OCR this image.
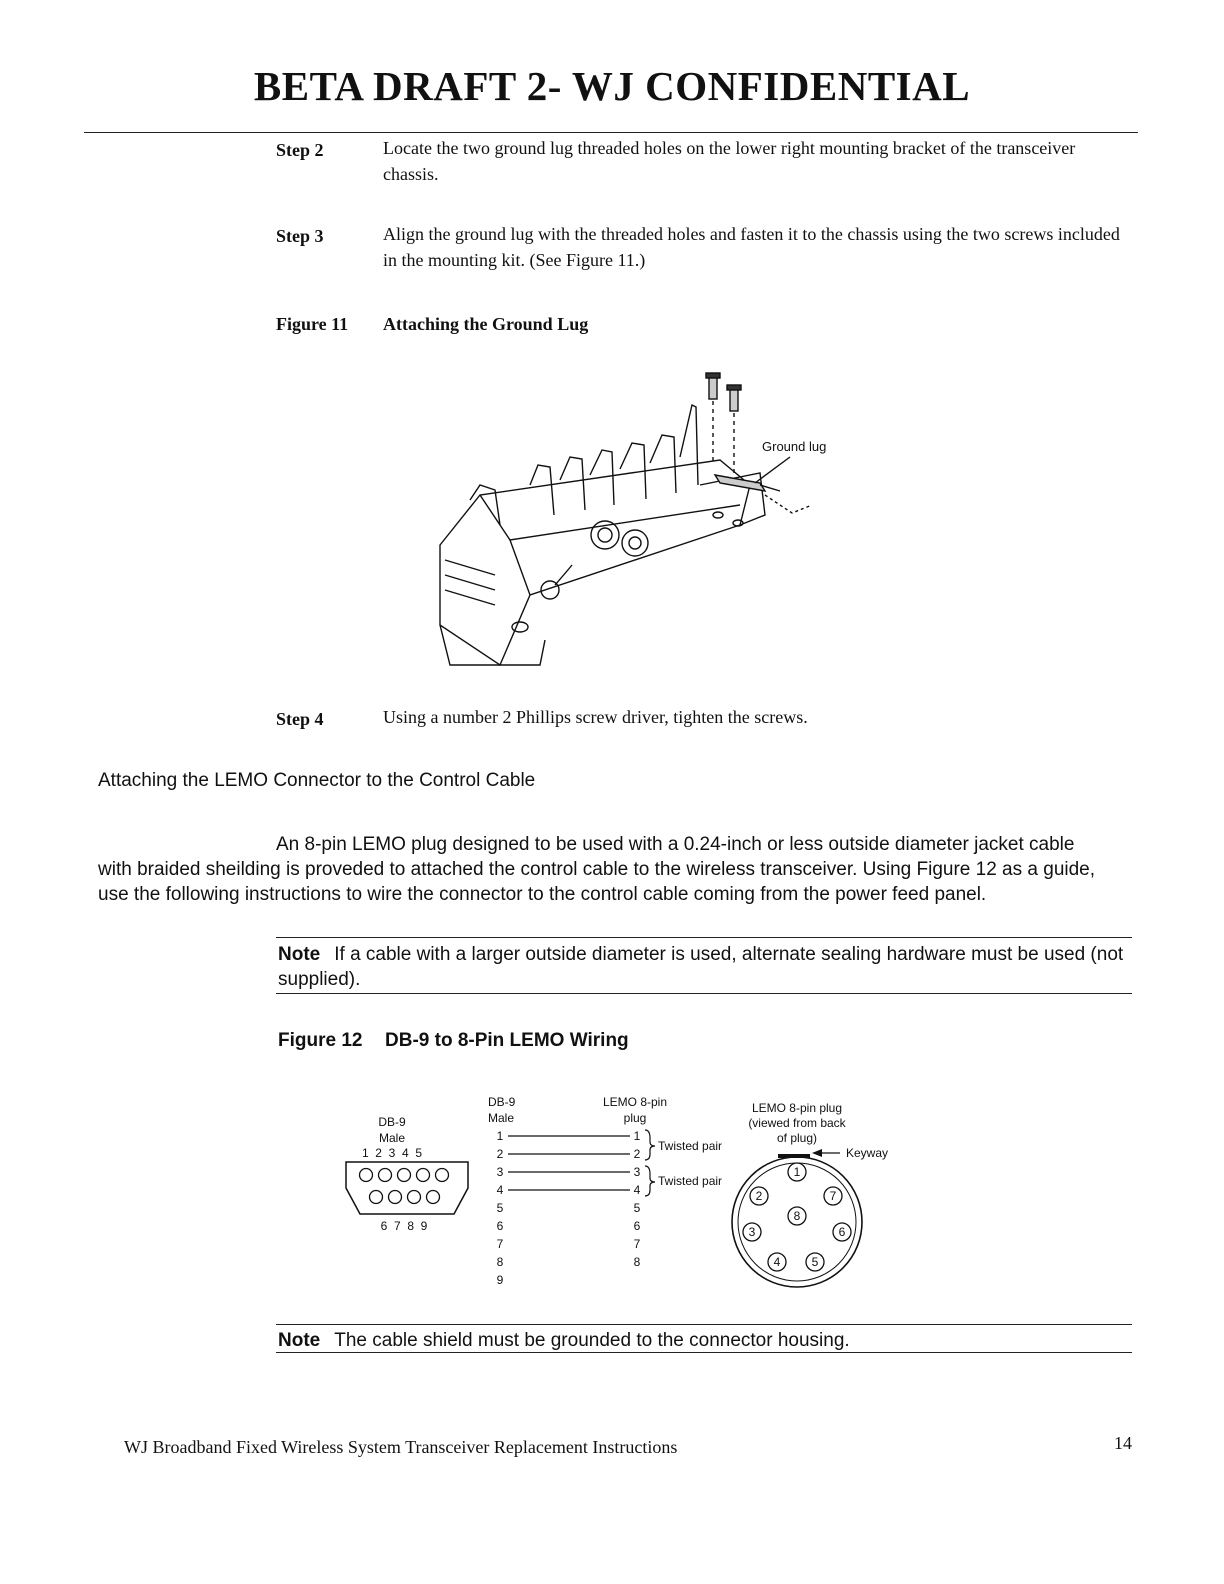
BETA DRAFT 2- WJ CONFIDENTIAL
Step 2	Locate the two ground lug threaded holes on the lower right mounting bracket of the transceiver chassis.
Step 3	Align the ground lug with the threaded holes and fasten it to the chassis using the two screws included in the mounting kit. (See Figure 11.)
Figure 11 Attaching the Ground Lug
Ground lug
Step 4	Using a number 2 Phillips screw driver, tighten the screws.
Attaching the LEMO Connector to the Control Cable
An 8-pin LEMO plug designed to be used with a 0.24-inch or less outside diameter jacket cable with braided sheilding is proveded to attached the control cable to the wireless transceiver. Using Figure 12 as a guide, use the following instructions to wire the connector to the control cable coming from the power feed panel.
Note If a cable with a larger outside diameter is used, alternate sealing hardware must be used (not supplied).
Figure 12 DB-9 to 8-Pin LEMO Wiring
DB-9
Male
1  2  3  4  5
6  7  8  9
DB-9
Male
1
2
3
4
5
6
7
8
9
LEMO 8-pin
plug
1
2
3
4
5
6
7
8
Twisted pair
Twisted pair
LEMO 8-pin plug
(viewed from back
of plug)
Keyway
1
2
3
4	5
6
7
8
Note The cable shield must be grounded to the connector housing.
WJ Broadband Fixed Wireless System Transceiver Replacement Instructions	14
